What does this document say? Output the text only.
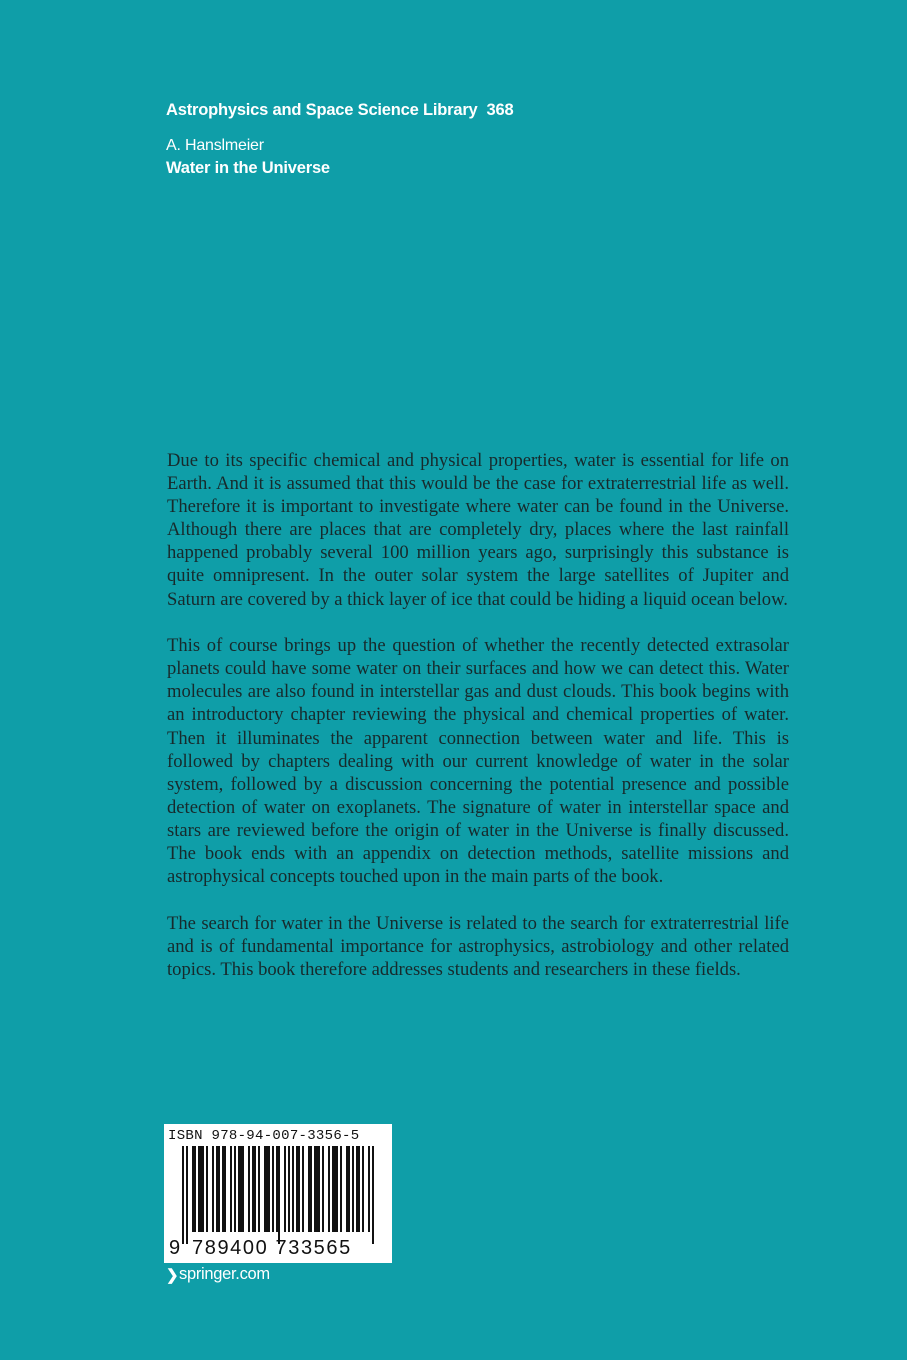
Astrophysics and Space Science Library 368
A. Hanslmeier
Water in the Universe

Due to its specific chemical and physical properties, water is essential for life on Earth. And it is assumed that this would be the case for extraterrestrial life as well. Therefore it is important to investigate where water can be found in the Universe. Although there are places that are completely dry, places where the last rainfall happened probably several 100 million years ago, surprisingly this substance is quite omnipresent. In the outer solar system the large satellites of Jupiter and Saturn are covered by a thick layer of ice that could be hiding a liquid ocean below.

This of course brings up the question of whether the recently detected extrasolar planets could have some water on their surfaces and how we can detect this. Water molecules are also found in interstellar gas and dust clouds. This book begins with an introductory chapter reviewing the physical and chemical properties of water. Then it illuminates the apparent connection between water and life. This is followed by chapters dealing with our current knowledge of water in the solar system, followed by a discussion concerning the potential presence and possible detection of water on exoplanets. The signature of water in interstellar space and stars are reviewed before the origin of water in the Universe is finally discussed. The book ends with an appendix on detection methods, satellite missions and astrophysical concepts touched upon in the main parts of the book.

The search for water in the Universe is related to the search for extraterrestrial life and is of fundamental importance for astrophysics, astrobiology and other related topics. This book therefore addresses students and researchers in these fields.

ISBN 978-94-007-3356-5
9 789400 733565
❯ springer.com
